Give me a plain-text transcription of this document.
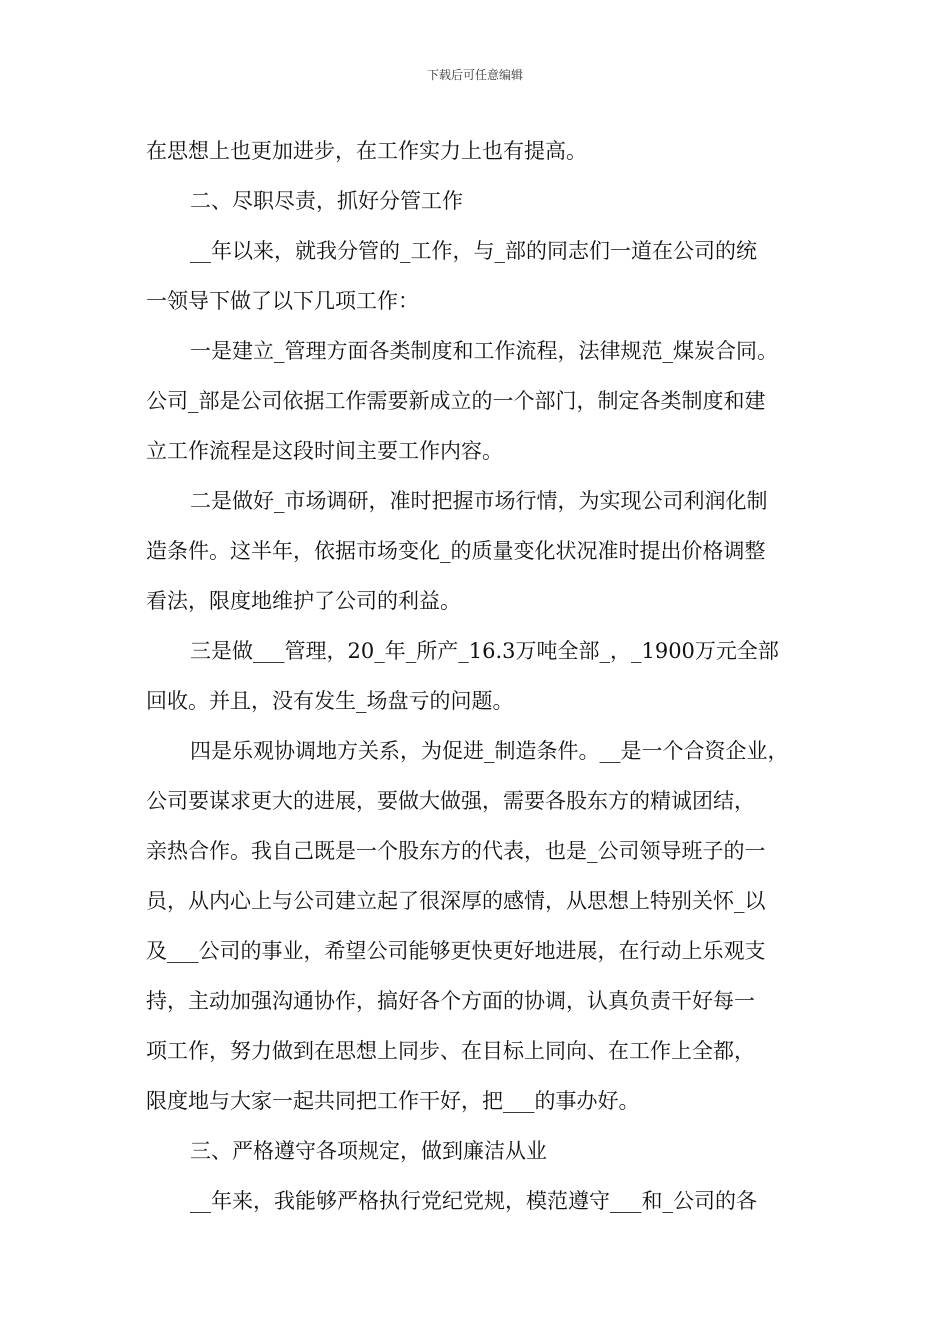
下载后可任意编辑
在思想上也更加进步，在工作实力上也有提高。
二、尽职尽责，抓好分管工作
__年以来，就我分管的_工作，与_部的同志们一道在公司的统
一领导下做了以下几项工作：
一是建立_管理方面各类制度和工作流程，法律规范_煤炭合同。
公司_部是公司依据工作需要新成立的一个部门，制定各类制度和建
立工作流程是这段时间主要工作内容。
二是做好_市场调研，准时把握市场行情，为实现公司利润化制
造条件。这半年，依据市场变化_的质量变化状况准时提出价格调整
看法，限度地维护了公司的利益。
三是做___管理，20_年_所产_16.3万吨全部_，_1900万元全部
回收。并且，没有发生_场盘亏的问题。
四是乐观协调地方关系，为促进_制造条件。__是一个合资企业，
公司要谋求更大的进展，要做大做强，需要各股东方的精诚团结，
亲热合作。我自己既是一个股东方的代表，也是_公司领导班子的一
员，从内心上与公司建立起了很深厚的感情，从思想上特别关怀_以
及___公司的事业，希望公司能够更快更好地进展，在行动上乐观支
持，主动加强沟通协作，搞好各个方面的协调，认真负责干好每一
项工作，努力做到在思想上同步、在目标上同向、在工作上全都，
限度地与大家一起共同把工作干好，把___的事办好。
三、严格遵守各项规定，做到廉洁从业
__年来，我能够严格执行党纪党规，模范遵守___和_公司的各
